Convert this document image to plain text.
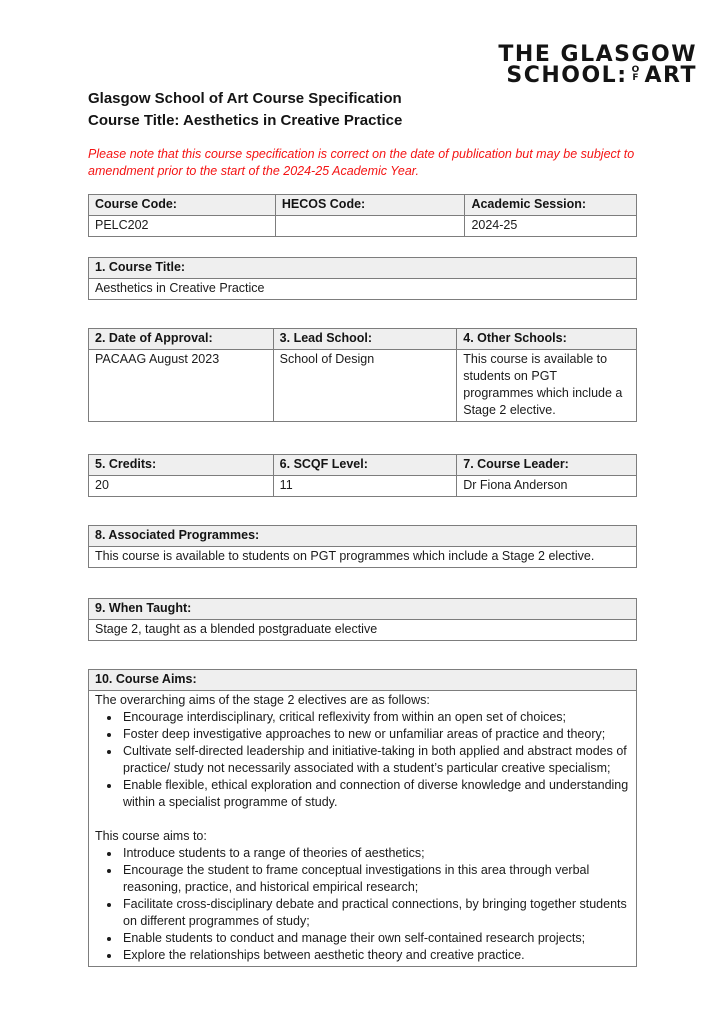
THE GLASGOW
SCHOOL: OF ART
Glasgow School of Art Course Specification
Course Title: Aesthetics in Creative Practice
Please note that this course specification is correct on the date of publication but may be subject to
amendment prior to the start of the 2024-25 Academic Year.
Course Code:	HECOS Code:	Academic Session:
PELC202		2024-25
1. Course Title:
Aesthetics in Creative Practice
2. Date of Approval:	3. Lead School:	4. Other Schools:
PACAAG August 2023	School of Design	This course is available to students on PGT programmes which include a Stage 2 elective.
5. Credits:	6. SCQF Level:	7. Course Leader:
20	11	Dr Fiona Anderson
8. Associated Programmes:
This course is available to students on PGT programmes which include a Stage 2 elective.
9. When Taught:
Stage 2, taught as a blended postgraduate elective
10. Course Aims:

The overarching aims of the stage 2 electives are as follows:
• Encourage interdisciplinary, critical reflexivity from within an open set of choices;
• Foster deep investigative approaches to new or unfamiliar areas of practice and theory;
• Cultivate self-directed leadership and initiative-taking in both applied and abstract modes of practice/ study not necessarily associated with a student’s particular creative specialism;
• Enable flexible, ethical exploration and connection of diverse knowledge and understanding within a specialist programme of study.
This course aims to:
• Introduce students to a range of theories of aesthetics;
• Encourage the student to frame conceptual investigations in this area through verbal reasoning, practice, and historical empirical research;
• Facilitate cross-disciplinary debate and practical connections, by bringing together students on different programmes of study;
• Enable students to conduct and manage their own self-contained research projects;
• Explore the relationships between aesthetic theory and creative practice.
